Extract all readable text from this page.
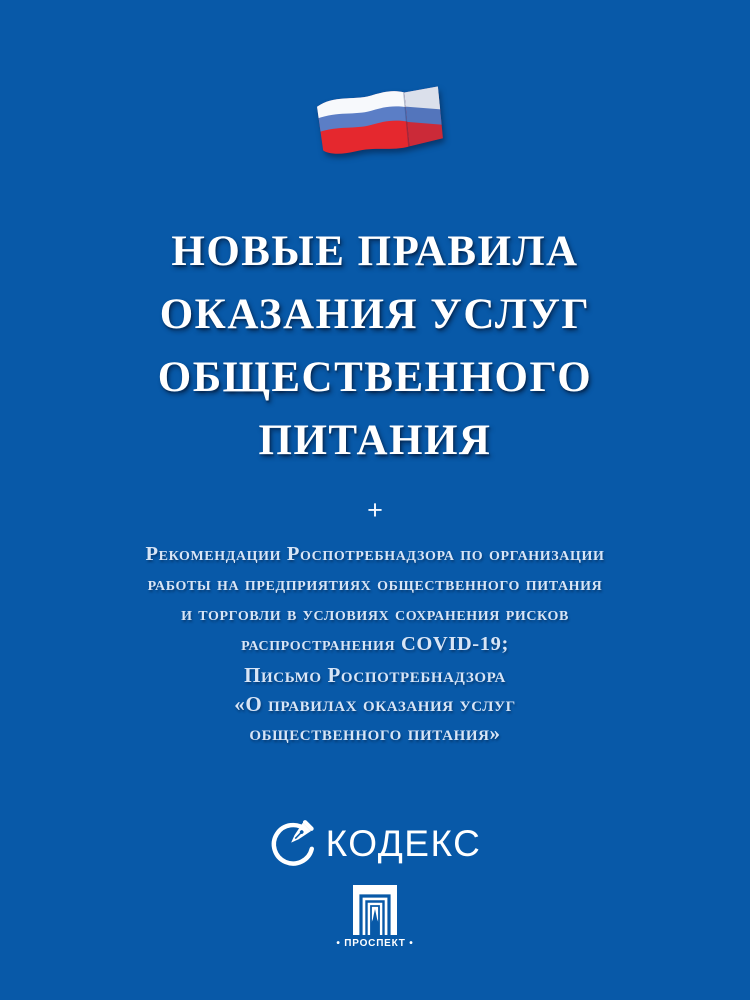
НОВЫЕ ПРАВИЛА
ОКАЗАНИЯ УСЛУГ
ОБЩЕСТВЕННОГО
ПИТАНИЯ
+
Рекомендации Роспотребнадзора по организации
работы на предприятиях общественного питания
и торговли в условиях сохранения рисков
распространения COVID-19;
Письмо Роспотребнадзора
«О правилах оказания услуг
общественного питания»
КОДЕКС
• ПРОСПЕКТ •
